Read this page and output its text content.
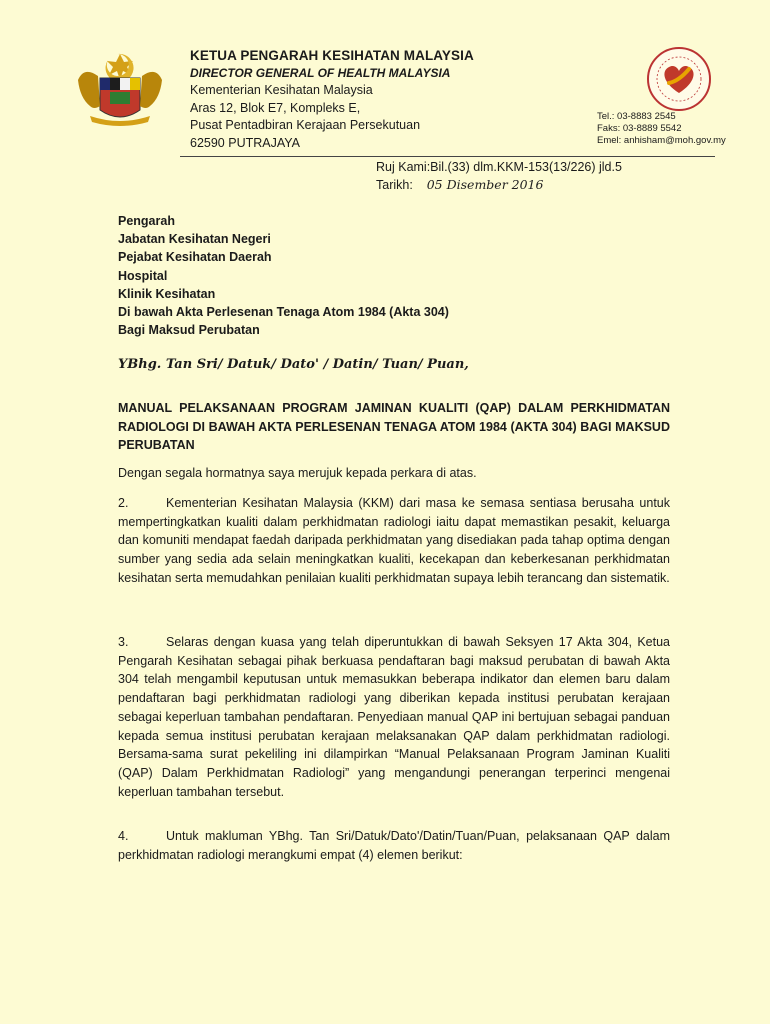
KETUA PENGARAH KESIHATAN MALAYSIA
DIRECTOR GENERAL OF HEALTH MALAYSIA
Kementerian Kesihatan Malaysia
Aras 12, Blok E7, Kompleks E,
Pusat Pentadbiran Kerajaan Persekutuan
62590 PUTRAJAYA
Tel.: 03-8883 2545
Faks: 03-8889 5542
Emel: anhisham@moh.gov.my
Ruj Kami:Bil.(33) dlm.KKM-153(13/226) jld.5
Tarikh: 05 Disember 2016
Pengarah
Jabatan Kesihatan Negeri
Pejabat Kesihatan Daerah
Hospital
Klinik Kesihatan
Di bawah Akta Perlesenan Tenaga Atom 1984 (Akta 304)
Bagi Maksud Perubatan
YBhg. Tan Sri/ Datuk/ Dato' / Datin/ Tuan/ Puan,
MANUAL PELAKSANAAN PROGRAM JAMINAN KUALITI (QAP) DALAM PERKHIDMATAN RADIOLOGI DI BAWAH AKTA PERLESENAN TENAGA ATOM 1984 (AKTA 304) BAGI MAKSUD PERUBATAN
Dengan segala hormatnya saya merujuk kepada perkara di atas.
2.	Kementerian Kesihatan Malaysia (KKM) dari masa ke semasa sentiasa berusaha untuk mempertingkatkan kualiti dalam perkhidmatan radiologi iaitu dapat memastikan pesakit, keluarga dan komuniti mendapat faedah daripada perkhidmatan yang disediakan pada tahap optima dengan sumber yang sedia ada selain meningkatkan kualiti, kecekapan dan keberkesanan perkhidmatan kesihatan serta memudahkan penilaian kualiti perkhidmatan supaya lebih terancang dan sistematik.
3.	Selaras dengan kuasa yang telah diperuntukkan di bawah Seksyen 17 Akta 304, Ketua Pengarah Kesihatan sebagai pihak berkuasa pendaftaran bagi maksud perubatan di bawah Akta 304 telah mengambil keputusan untuk memasukkan beberapa indikator dan elemen baru dalam pendaftaran bagi perkhidmatan radiologi yang diberikan kepada institusi perubatan kerajaan sebagai keperluan tambahan pendaftaran. Penyediaan manual QAP ini bertujuan sebagai panduan kepada semua institusi perubatan kerajaan melaksanakan QAP dalam perkhidmatan radiologi. Bersama-sama surat pekeliling ini dilampirkan “Manual Pelaksanaan Program Jaminan Kualiti (QAP) Dalam Perkhidmatan Radiologi” yang mengandungi penerangan terperinci mengenai keperluan tambahan tersebut.
4.	Untuk makluman YBhg. Tan Sri/Datuk/Dato'/Datin/Tuan/Puan, pelaksanaan QAP dalam perkhidmatan radiologi merangkumi empat (4) elemen berikut:
